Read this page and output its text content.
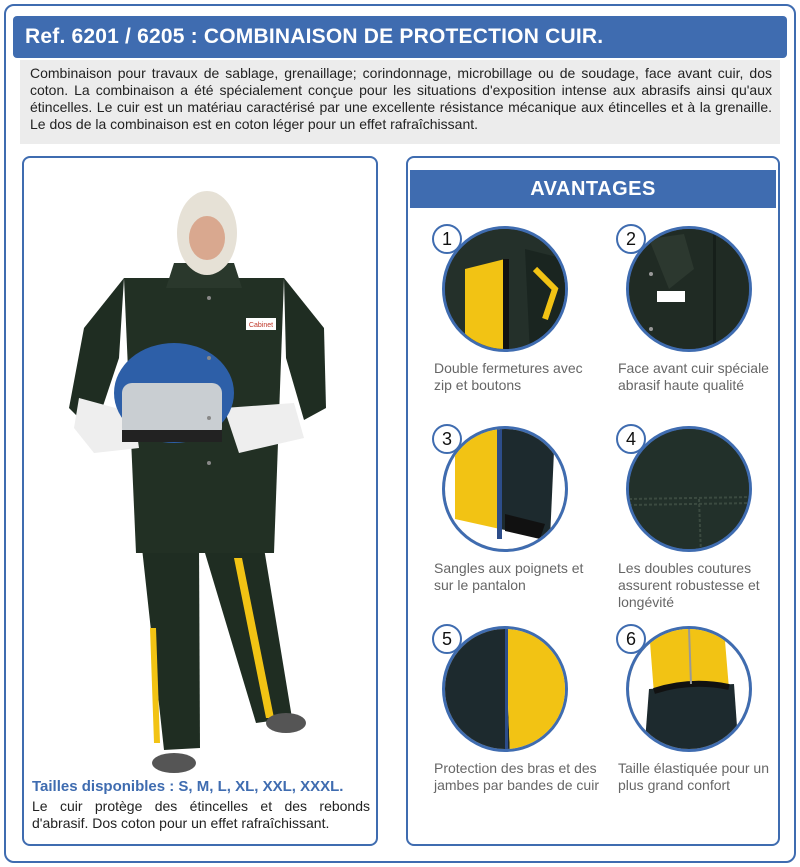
Ref. 6201 / 6205 : COMBINAISON DE PROTECTION CUIR.
Combinaison pour travaux de sablage, grenaillage; corindonnage, microbillage ou de soudage, face avant cuir, dos coton. La combinaison a été spécialement conçue pour les situations d'exposition intense aux abrasifs ainsi qu'aux étincelles. Le cuir est un matériau caractérisé par une excellente résistance mécanique aux étincelles et à la grenaille. Le dos de la combinaison est en coton léger pour un effet rafraîchissant.
Cabinet
Tailles disponibles : S, M, L, XL, XXL, XXXL.
Le cuir protège des étincelles et des rebonds d'abrasif. Dos coton pour un effet rafraîchissant.
AVANTAGES
1
Double fermetures avec zip et boutons
2
Face avant cuir spéciale abrasif haute qualité
3
Sangles aux poignets et sur le pantalon
4
Les doubles coutures assurent robustesse et longévité
5
Protection des bras et des jambes par bandes de cuir
6
Taille élastiquée pour un plus grand confort
